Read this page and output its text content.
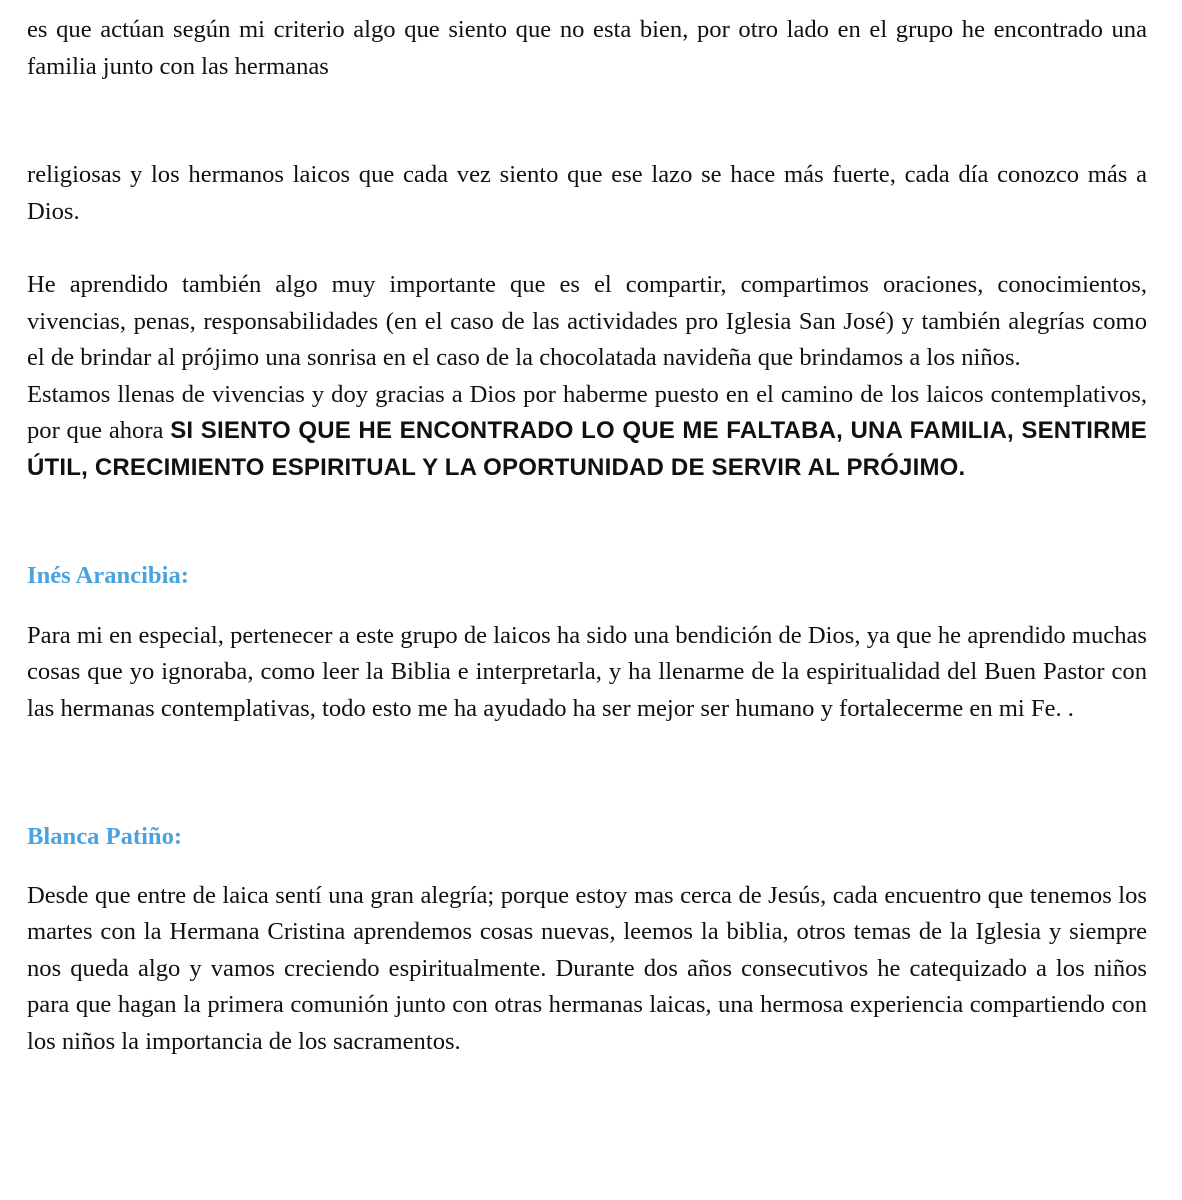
es que actúan según mi criterio algo que siento que no esta bien, por otro lado en el grupo he encontrado una familia junto con las hermanas

religiosas y los hermanos laicos que cada vez siento que ese lazo se hace más fuerte, cada día conozco más a Dios.

He aprendido también algo muy importante que es el compartir, compartimos oraciones, conocimientos, vivencias, penas, responsabilidades (en el caso de las actividades pro Iglesia San José) y también alegrías como el de brindar al prójimo una sonrisa en el caso de la chocolatada navideña que brindamos a los niños.

Estamos llenas de vivencias y doy gracias a Dios por haberme puesto en el camino de los laicos contemplativos, por que ahora SI SIENTO QUE HE ENCONTRADO LO QUE ME FALTABA, UNA FAMILIA, SENTIRME ÚTIL, CRECIMIENTO ESPIRITUAL Y LA OPORTUNIDAD DE SERVIR AL PRÓJIMO.

Inés Arancibia:

Para mi en especial, pertenecer a este grupo de laicos ha sido una bendición de Dios, ya que he aprendido muchas cosas que yo ignoraba, como leer la Biblia e interpretarla, y ha llenarme de la espiritualidad del Buen Pastor con las hermanas contemplativas, todo esto me ha ayudado ha ser mejor ser humano y fortalecerme en mi Fe. .

Blanca Patiño:

Desde que entre de laica sentí una gran alegría; porque estoy mas cerca de Jesús, cada encuentro que tenemos los martes con la Hermana Cristina aprendemos cosas nuevas, leemos la biblia, otros temas de la Iglesia y siempre nos queda algo y vamos creciendo espiritualmente. Durante dos años consecutivos he catequizado a los niños para que hagan la primera comunión junto con otras hermanas laicas, una hermosa experiencia compartiendo con los niños la importancia de los sacramentos.
